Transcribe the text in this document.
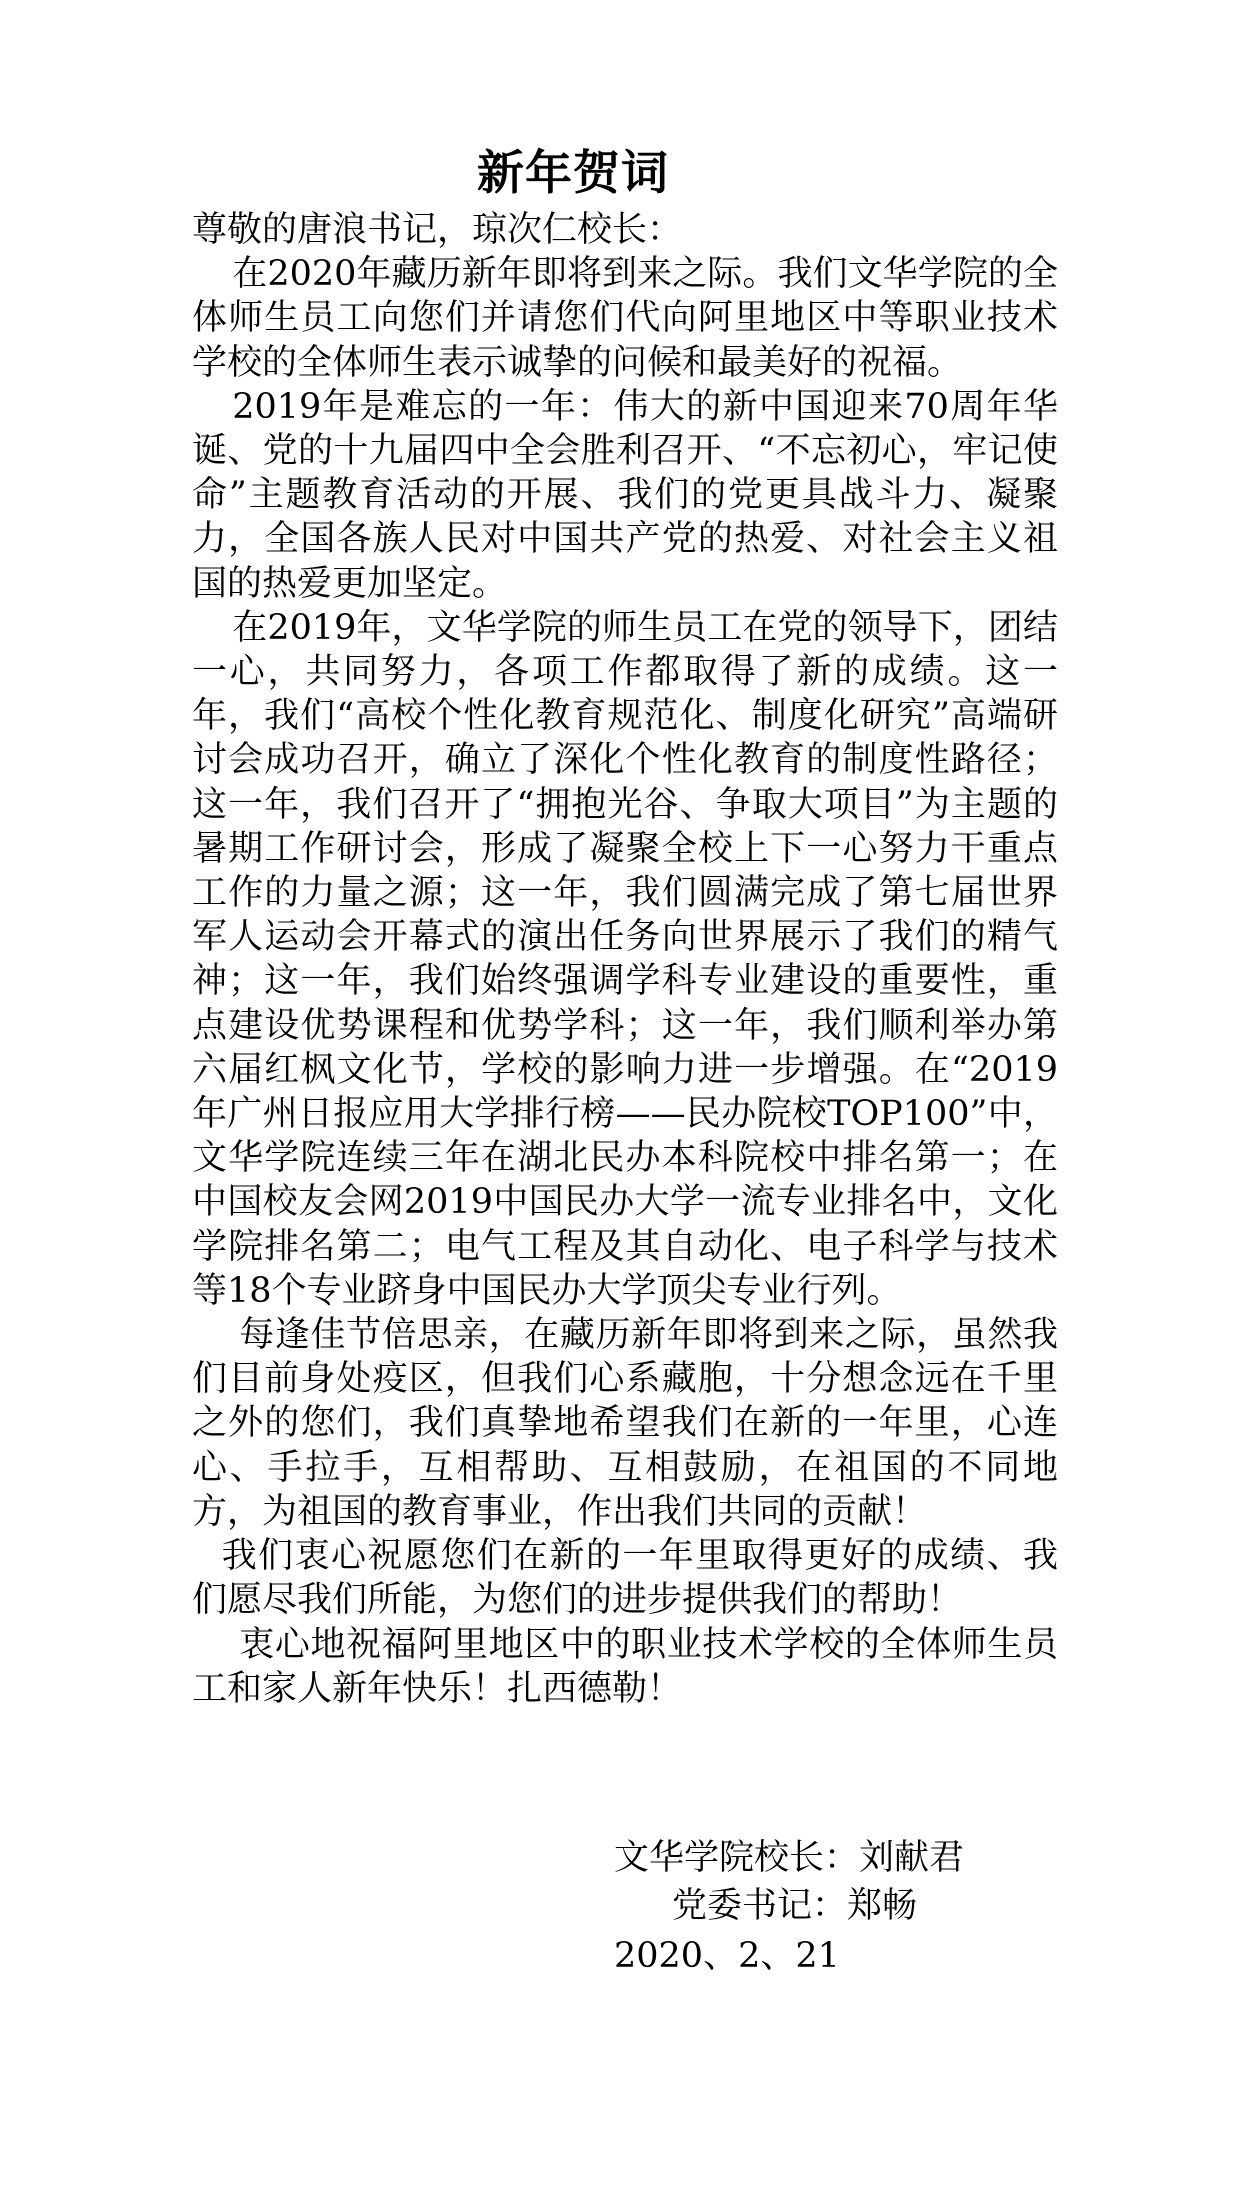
新年贺词

尊敬的唐浪书记，琼次仁校长：

在2020年藏历新年即将到来之际。我们文华学院的全体师生员工向您们并请您们代向阿里地区中等职业技术学校的全体师生表示诚挚的问候和最美好的祝福。

2019年是难忘的一年：伟大的新中国迎来70周年华诞、党的十九届四中全会胜利召开、“不忘初心，牢记使命”主题教育活动的开展、我们的党更具战斗力、凝聚力，全国各族人民对中国共产党的热爱、对社会主义祖国的热爱更加坚定。

在2019年，文华学院的师生员工在党的领导下，团结一心，共同努力，各项工作都取得了新的成绩。这一年，我们“高校个性化教育规范化、制度化研究”高端研讨会成功召开，确立了深化个性化教育的制度性路径；这一年，我们召开了“拥抱光谷、争取大项目”为主题的暑期工作研讨会，形成了凝聚全校上下一心努力干重点工作的力量之源；这一年，我们圆满完成了第七届世界军人运动会开幕式的演出任务向世界展示了我们的精气神；这一年，我们始终强调学科专业建设的重要性，重点建设优势课程和优势学科；这一年，我们顺利举办第六届红枫文化节，学校的影响力进一步增强。在“2019年广州日报应用大学排行榜——民办院校TOP100”中，文华学院连续三年在湖北民办本科院校中排名第一；在中国校友会网2019中国民办大学一流专业排名中，文化学院排名第二；电气工程及其自动化、电子科学与技术等18个专业跻身中国民办大学顶尖专业行列。

每逢佳节倍思亲，在藏历新年即将到来之际，虽然我们目前身处疫区，但我们心系藏胞，十分想念远在千里之外的您们，我们真挚地希望我们在新的一年里，心连心、手拉手，互相帮助、互相鼓励，在祖国的不同地方，为祖国的教育事业，作出我们共同的贡献！

我们衷心祝愿您们在新的一年里取得更好的成绩、我们愿尽我们所能，为您们的进步提供我们的帮助！

衷心地祝福阿里地区中的职业技术学校的全体师生员工和家人新年快乐！扎西德勒！

文华学院校长：刘献君
党委书记：郑畅
2020、2、21
